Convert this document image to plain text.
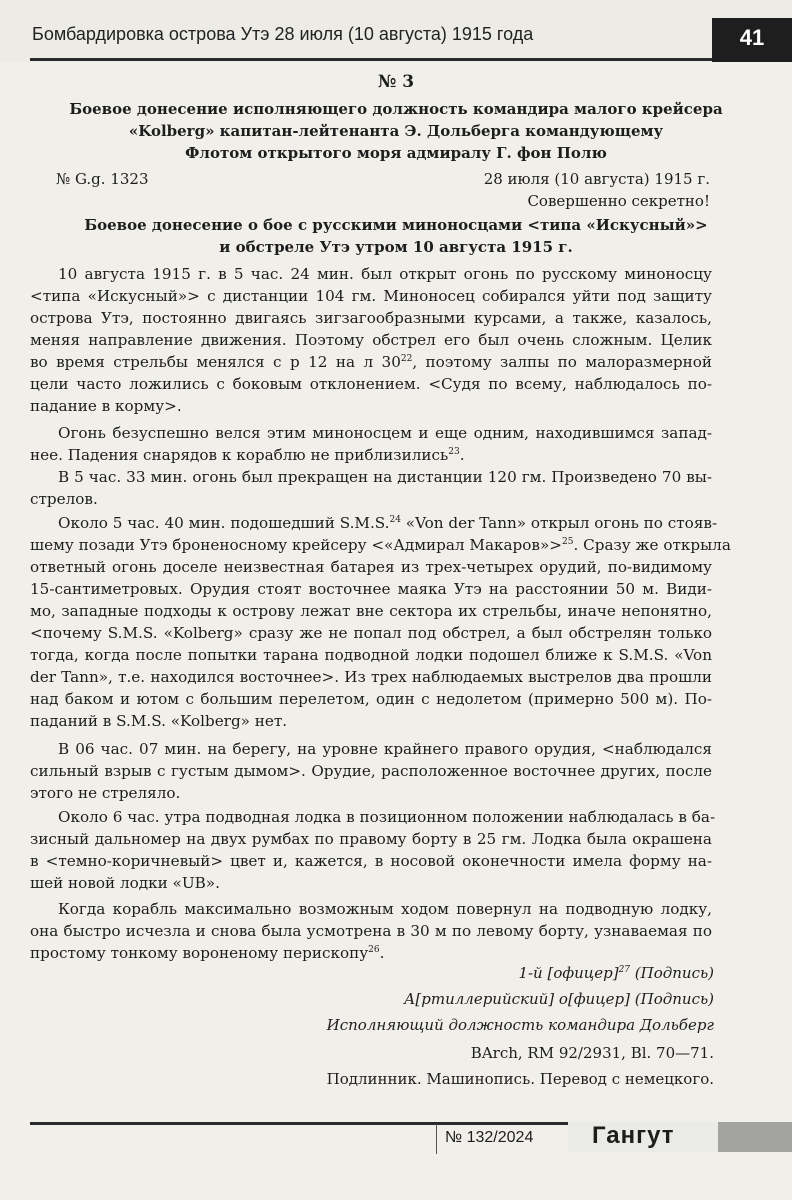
Бомбардировка острова Утэ 28 июля (10 августа) 1915 года	41
№ 3
Боевое донесение исполняющего должность командира малого крейсера
«Kolberg» капитан-лейтенанта Э. Дольберга командующему
Флотом открытого моря адмиралу Г. фон Полю
№ G.g. 1323	28 июля (10 августа) 1915 г.
Совершенно секретно!
Боевое донесение о бое с русскими миноносцами <типа «Искусный»>
и обстреле Утэ утром 10 августа 1915 г.
10 августа 1915 г. в 5 час. 24 мин. был открыт огонь по русскому миноносцу
<типа «Искусный»> с дистанции 104 гм. Миноносец собирался уйти под защиту
острова Утэ, постоянно двигаясь зигзагообразными курсами, а также, казалось,
меняя направление движения. Поэтому обстрел его был очень сложным. Целик
во время стрельбы менялся с р 12 на л $30^{22}$, поэтому залпы по малоразмерной
цели часто ложились с боковым отклонением. <Судя по всему, наблюдалось по-
падание в корму>.
Огонь безуспешно велся этим миноносцем и еще одним, находившимся запад-
нее. Падения снарядов к кораблю не приблизились$^{23}$.
В 5 час. 33 мин. огонь был прекращен на дистанции 120 гм. Произведено 70 вы-
стрелов.
Около 5 час. 40 мин. подошедший S.M.S.$^{24}$ «Von der Tann» открыл огонь по стояв-
шему позади Утэ броненосному крейсеру <«Адмирал Макаров»>$^{25}$. Сразу же открыла
ответный огонь доселе неизвестная батарея из трех-четырех орудий, по-видимому
15-сантиметровых. Орудия стоят восточнее маяка Утэ на расстоянии 50 м. Види-
мо, западные подходы к острову лежат вне сектора их стрельбы, иначе непонятно,
<почему S.M.S. «Kolberg» сразу же не попал под обстрел, а был обстрелян только
тогда, когда после попытки тарана подводной лодки подошел ближе к S.M.S. «Von
der Tann», т.е. находился восточнее>. Из трех наблюдаемых выстрелов два прошли
над баком и ютом с большим перелетом, один с недолетом (примерно 500 м). По-
паданий в S.M.S. «Kolberg» нет.
В 06 час. 07 мин. на берегу, на уровне крайнего правого орудия, <наблюдался
сильный взрыв с густым дымом>. Орудие, расположенное восточнее других, после
этого не стреляло.
Около 6 час. утра подводная лодка в позиционном положении наблюдалась в ба-
зисный дальномер на двух румбах по правому борту в 25 гм. Лодка была окрашена
в <темно-коричневый> цвет и, кажется, в носовой оконечности имела форму на-
шей новой лодки «UB».
Когда корабль максимально возможным ходом повернул на подводную лодку,
она быстро исчезла и снова была усмотрена в 30 м по левому борту, узнаваемая по
простому тонкому вороненому перископу$^{26}$.
1-й [офицер]$^{27}$ (Подпись)
А[ртиллерийский] о[фицер] (Подпись)
Исполняющий должность командира Дольберг
BArch, RM 92/2931, Bl. 70—71.
Подлинник. Машинопись. Перевод с немецкого.
№ 132/2024 Гангут
